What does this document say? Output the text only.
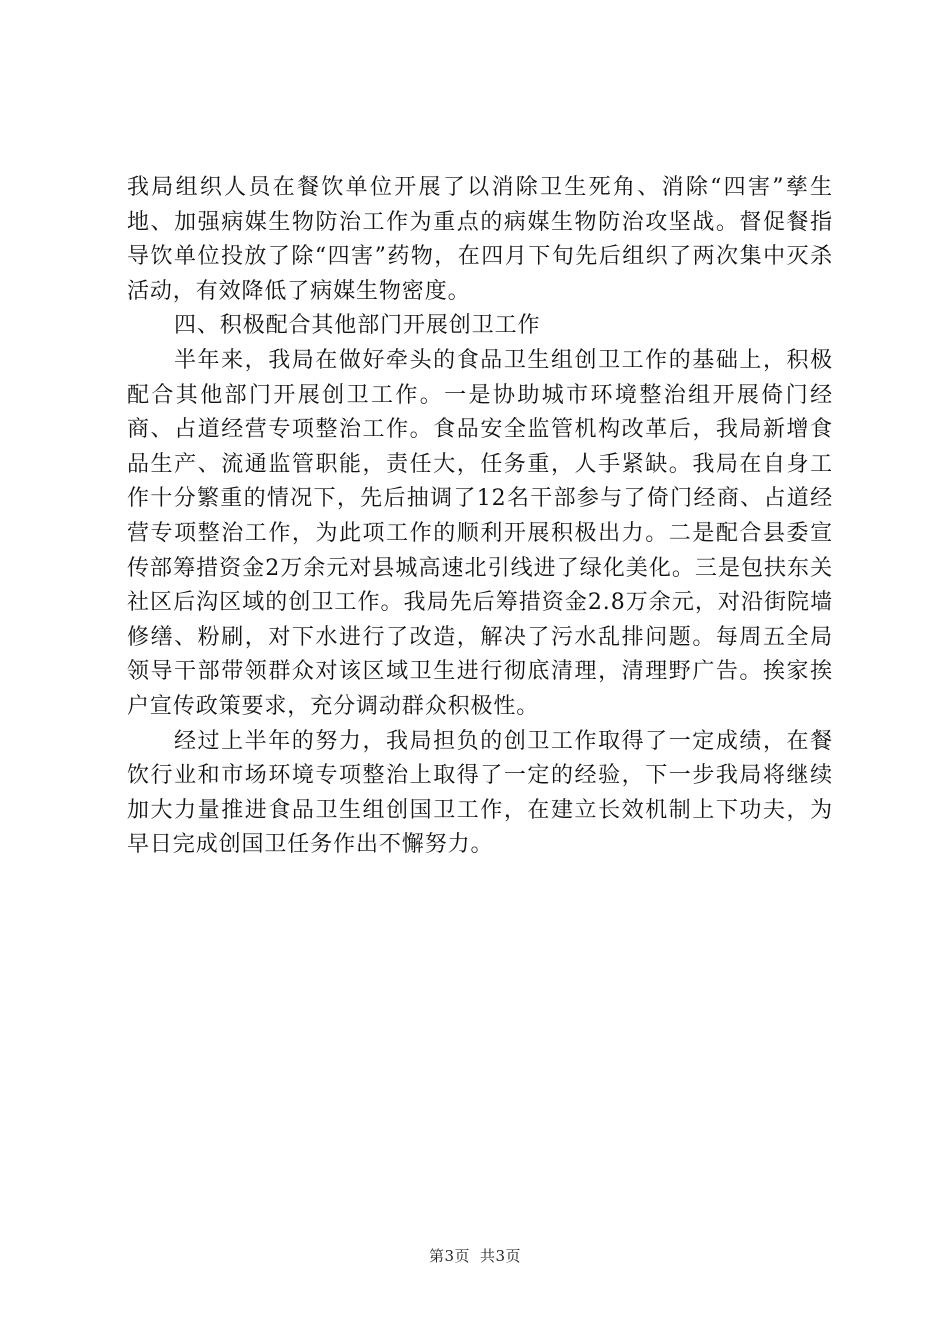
我局组织人员在餐饮单位开展了以消除卫生死角、消除“四害”孳生地、加强病媒生物防治工作为重点的病媒生物防治攻坚战。督促餐指导饮单位投放了除“四害”药物，在四月下旬先后组织了两次集中灭杀活动，有效降低了病媒生物密度。

四、积极配合其他部门开展创卫工作

半年来，我局在做好牵头的食品卫生组创卫工作的基础上，积极配合其他部门开展创卫工作。一是协助城市环境整治组开展倚门经商、占道经营专项整治工作。食品安全监管机构改革后，我局新增食品生产、流通监管职能，责任大，任务重，人手紧缺。我局在自身工作十分繁重的情况下，先后抽调了12名干部参与了倚门经商、占道经营专项整治工作，为此项工作的顺利开展积极出力。二是配合县委宣传部筹措资金2万余元对县城高速北引线进了绿化美化。三是包扶东关社区后沟区域的创卫工作。我局先后筹措资金2.8万余元，对沿街院墙修缮、粉刷，对下水进行了改造，解决了污水乱排问题。每周五全局领导干部带领群众对该区域卫生进行彻底清理，清理野广告。挨家挨户宣传政策要求，充分调动群众积极性。

经过上半年的努力，我局担负的创卫工作取得了一定成绩，在餐饮行业和市场环境专项整治上取得了一定的经验，下一步我局将继续加大力量推进食品卫生组创国卫工作，在建立长效机制上下功夫，为早日完成创国卫任务作出不懈努力。

第3页 共3页
